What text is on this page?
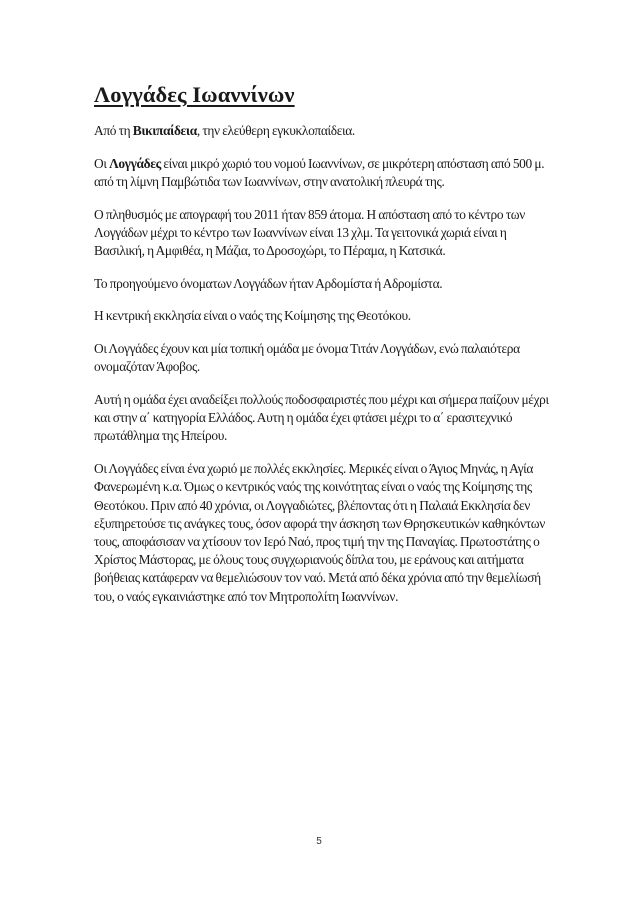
Λογγάδες Ιωαννίνων

Από τη Βικιπαίδεια, την ελεύθερη εγκυκλοπαίδεια.

Οι Λογγάδες είναι μικρό χωριό του νομού Ιωαννίνων, σε μικρότερη απόσταση από 500 μ. από τη λίμνη Παμβώτιδα των Ιωαννίνων, στην ανατολική πλευρά της.

Ο πληθυσμός με απογραφή του 2011 ήταν 859 άτομα. Η απόσταση από το κέντρο των Λογγάδων μέχρι το κέντρο των Ιωαννίνων είναι 13 χλμ. Τα γειτονικά χωριά είναι η Βασιλική, η Αμφιθέα, η Μάζια, το Δροσοχώρι, το Πέραμα, η Κατσικά.

Το προηγούμενο όνοματων Λογγάδων ήταν Αρδομίστα ή Αδρομίστα.

Η κεντρική εκκλησία είναι ο ναός της Κοίμησης της Θεοτόκου.

Οι Λογγάδες έχουν και μία τοπική ομάδα με όνομα Τιτάν Λογγάδων, ενώ παλαιότερα ονομαζόταν Άφοβος.

Αυτή η ομάδα έχει αναδείξει πολλούς ποδοσφαιριστές που μέχρι και σήμερα παίζουν μέχρι και στην α΄ κατηγορία Ελλάδος. Αυτη η ομάδα έχει φτάσει μέχρι το α΄ ερασιτεχνικό πρωτάθλημα της Ηπείρου.

Οι Λογγάδες είναι ένα χωριό με πολλές εκκλησίες. Μερικές είναι ο Άγιος Μηνάς, η Αγία Φανερωμένη κ.α. Όμως ο κεντρικός ναός της κοινότητας είναι ο ναός της Κοίμησης της Θεοτόκου. Πριν από 40 χρόνια, οι Λογγαδιώτες, βλέποντας ότι η Παλαιά Εκκλησία δεν εξυπηρετούσε τις ανάγκες τους, όσον αφορά την άσκηση των Θρησκευτικών καθηκόντων τους, αποφάσισαν να χτίσουν τον Ιερό Ναό, προς τιμή την της Παναγίας. Πρωτοστάτης ο Χρίστος Μάστορας, με όλους τους συγχωριανούς δίπλα του, με εράνους και αιτήματα βοήθειας κατάφεραν να θεμελιώσουν τον ναό. Μετά από δέκα χρόνια από την θεμελίωσή του, ο ναός εγκαινιάστηκε από τον Μητροπολίτη Ιωαννίνων.

5
